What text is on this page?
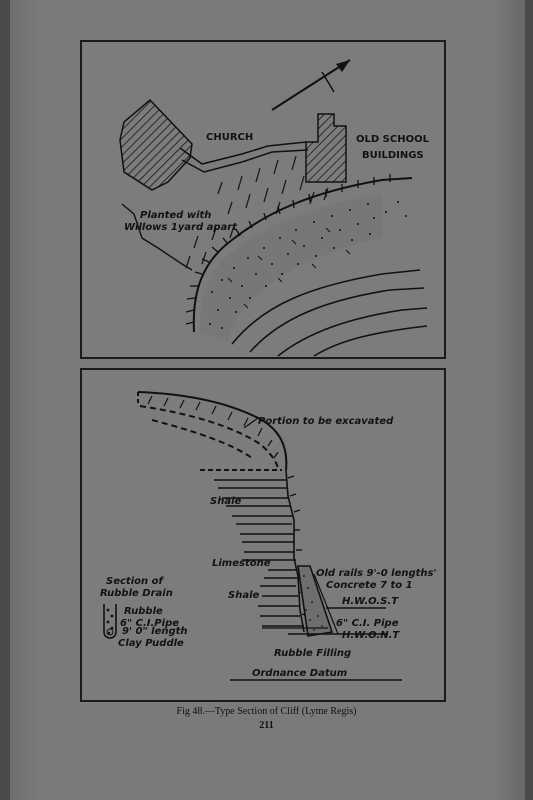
CHURCH	OLD SCHOOL
BUILDINGS
Planted with
Willows 1yard apart
Portion to be excavated
Shale
Limestone
Shale
Old rails 9'-0 lengths'
Concrete 7 to 1
H.W.O.S.T
6" C.I. Pipe
H.W.O.N.T
Rubble Filling
Ordnance Datum
Section of
Rubble Drain
Rubble
6" C.I.Pipe
9' 0" length
Clay Puddle
Fig 48.—Type Section of Cliff (Lyme Regis)
211
